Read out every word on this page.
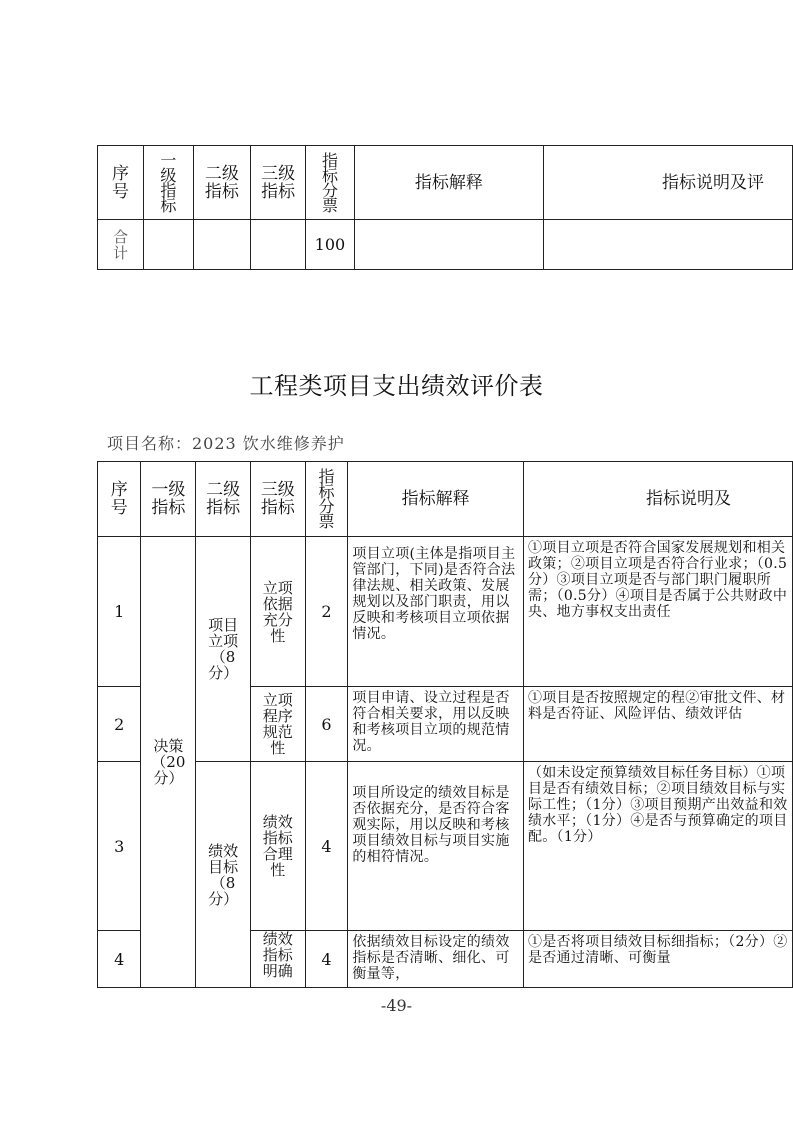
序号	一级指标	二级指标	三级指标	指标分票	指标解释	指标说明及评
合计				100		
工程类项目支出绩效评价表
项目名称：2023 饮水维修养护
序号	一级指标	二级指标	三级指标	指标分票	指标解释	指标说明及
1	决策（20分）	项目立项（8分）	立项依据充分性	2	项目立项(主体是指项目主管部门，下同)是否符合法律法规、相关政策、发展规划以及部门职责，用以反映和考核项目立项依据情况。	①项目立项是否符合国家发展规划和相关政策；②项目立项是否符合行业求；（0.5分）③项目立项是否与部门职门履职所需；（0.5分）④项目是否属于公共财政中央、地方事权支出责任

2			立项程序规范性	6	项目申请、设立过程是否符合相关要求，用以反映和考核项目立项的规范情况。	①项目是否按照规定的程②审批文件、材料是否符证、风险评估、绩效评估

3		绩效目标（8分）	绩效指标合理性	4	项目所设定的绩效目标是否依据充分，是否符合客观实际，用以反映和考核项目绩效目标与项目实施的相符情况。	（如未设定预算绩效目标任务目标）①项目是否有绩效目标；②项目绩效目标与实际工性；（1分）③项目预期产出效益和效绩水平；（1分）④是否与预算确定的项目配。（1分）

4			绩效指标明确	4	依据绩效目标设定的绩效指标是否清晰、细化、可衡量等，	①是否将项目绩效目标细指标；（2分）②是否通过清晰、可衡量
-49-
